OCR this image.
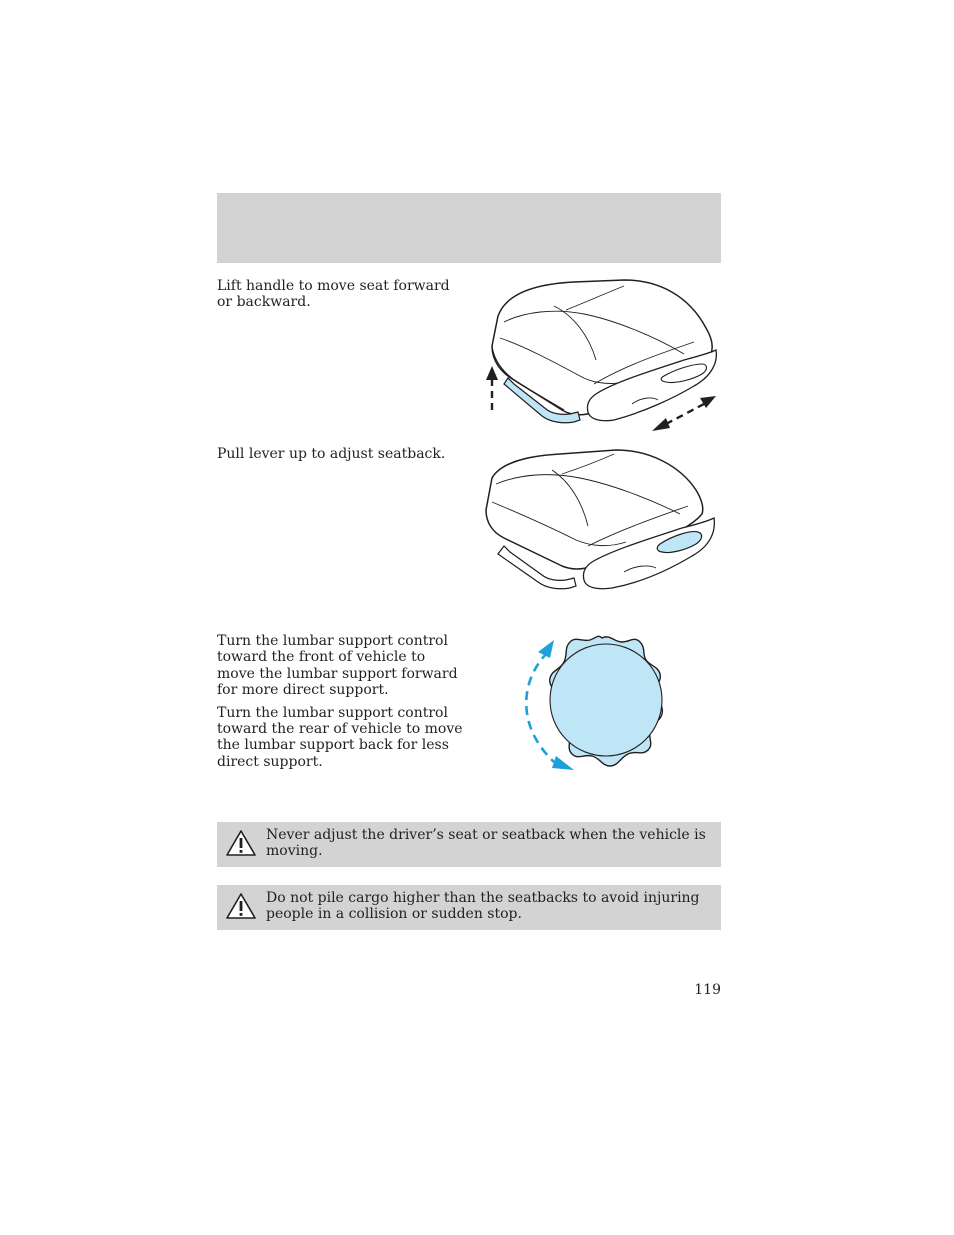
Lift handle to move seat forward or backward.

Pull lever up to adjust seatback.

Turn the lumbar support control toward the front of vehicle to move the lumbar support forward for more direct support.

Turn the lumbar support control toward the rear of vehicle to move the lumbar support back for less direct support.

Never adjust the driver’s seat or seatback when the vehicle is moving.
Do not pile cargo higher than the seatbacks to avoid injuring people in a collision or sudden stop.
119
